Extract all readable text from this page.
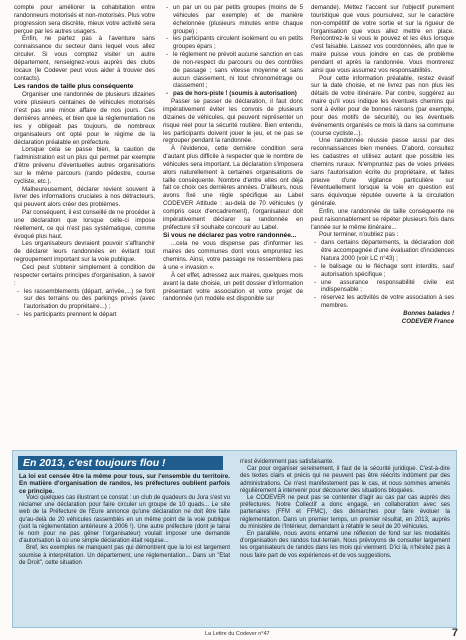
compte pour améliorer la cohabitation entre randonneurs motorisés et non-motorisés. Plus votre progression sera discrète, mieux votre activité sera perçue par les autres usagers.

Enfin, ne partez pas à l'aventure sans connaissance du secteur dans lequel vous allez circuler. Si vous comptez visiter un autre département, renseignez-vous auprès des clubs locaux (le Codever peut vous aider à trouver des contacts).

Les randos de taille plus conséquente

Organiser une randonnée de plusieurs dizaines voire plusieurs centaines de véhicules motorisés n'est pas une mince affaire de nos jours. Ces dernières années, et bien que la réglementation ne les y obligeait pas toujours, de nombreux organisateurs ont opté pour le régime de la déclaration préalable en préfecture.

Lorsque cela se passe bien, la caution de l'administration est un plus qui permet par exemple d'être prévenu d'éventuelles autres organisations sur le même parcours (rando pédestre, course cycliste, etc.).

Malheureusement, déclarer revient souvent à livrer des informations cruciales à nos détracteurs, qui peuvent alors créer des problèmes.

Par conséquent, il est conseillé de ne procéder à une déclaration que lorsque celle-ci impose réellement, ce qui n'est pas systématique, comme évoqué plus haut.

Les organisateurs devraient pouvoir s'affranchir de déclarer leurs randonnées en évitant tout regroupement important sur la voie publique.

Ceci peut s'obtenir simplement à condition de respecter certains principes d'organisation, à savoir :

- les rassemblements (départ, arrivée,...) se font sur des terrains ou des parkings privés (avec l'autorisation du propriétaire...) ;
- les participants prennent le départ
- un par un ou par petits groupes (moins de 5 véhicules par exemple) et de manière échelonnée (plusieurs minutes entre chaque groupe) ;
- les participants circulent isolément ou en petits groupes épars ;
- le règlement ne prévoit aucune sanction en cas de non-respect du parcours ou des contrôles de passage ; sans vitesse moyenne et sans aucun classement, ni tout chronométrage ou classement ;
- pas de hors-piste ! (soumis à autorisation)

Passer se passer de déclaration, il faut donc impérativement éviter les convois de plusieurs dizaines de véhicules, qui peuvent représenter un risque réel pour la sécurité routière. Bien entendu, les participants doivent jouer le jeu, et ne pas se regrouper pendant la randonnée.

À l'évidence, cette dernière condition sera d'autant plus difficile à respecter que le nombre de véhicules sera important. La déclaration s'imposera alors naturellement à certaines organisations de taille conséquente. Nombre d'entre elles ont déjà fait ce choix ces dernières années. D'ailleurs, nous avons fixé une règle spécifique au Label CODEVER Attitude : au-delà de 70 véhicules (y compris ceux d'encadrement), l'organisateur doit impérativement déclarer sa randonnée en préfecture s'il souhaite concourir au Label.

Si vous ne déclarez pas votre randonnée...

...cela ne vous dispense pas d'informer les maires des communes dont vous empruntez les chemins. Ainsi, votre passage ne ressemblera pas à une « invasion ».

À cet effet, adressez aux maires, quelques mois avant la date choisie, un petit dossier d'information présentant votre association et votre projet de randonnée (un modèle est disponible sur

demande). Mettez l'accent sur l'objectif purement touristique que vous poursuivez, sur le caractère non-compétitif de votre sortie et sur la rigueur de l'organisation que vous allez mettre en place. Rencontrez-le si vous le pouvez et les élus lorsque c'est faisable. Laissez vos coordonnées, afin que le maire puisse vous joindre en cas de problème pendant et après la randonnée. Vous montrerez ainsi que vous assumez vos responsabilités.

Pour cette information préalable, restez évasif sur la date choisie, et ne livrez pas non plus les détails de votre itinéraire. Par contre, suggérez au maire qu'il vous indique les éventuels chemins qui sont à éviter pour de bonnes raisons (par exemple, pour des motifs de sécurité), ou les éventuels événements organisés ce mois là dans sa commune (course cycliste...).

Une randonnée réussie passe aussi par des reconnaissances bien menées. D'abord, consultez les cadastres et utilisez autant que possible les chemins ruraux. N'empruntez pas de voies privées sans l'autorisation écrite du propriétaire, et faites preuve d'une vigilance particulière sur l'éventuellement lorsque la voie en question est sans équivoque réputée ouverte à la circulation générale.

Enfin, une randonnée de taille conséquente ne peut raisonnablement se répéter plusieurs fois dans l'année sur le même itinéraire...

Pour terminer, n'oubliez pas :

- dans certains départements, la déclaration doit être accompagnée d'une évaluation d'incidences Natura 2000 (voir LC n°43) ;
- le balisage ou le fléchage sont interdits, sauf autorisation spécifique ;
- une assurance responsabilité civile est indispensable ;
- réservez les activités de votre association à ses membres.

Bonnes balades !

CODEVER France

En 2013, c'est toujours flou !

La loi est censée être la même pour tous, sur l'ensemble du territoire. En matière d'organisation de randos, les préfectures oublient parfois ce principe.

Voici quelques cas illustrant ce constat : un club de quadeurs du Jura s'est vu réclamer une déclaration pour faire circuler un groupe de 10 quads... Le site web de la Préfecture de l'Eure annonce qu'une déclaration ne doit être faite qu'au-delà de 20 véhicules rassemblés en un même point de la voie publique (soit la réglementation antérieure à 2006 !). Une autre préfecture (dont je tairai le nom pour ne pas gêner l'organisateur) voulait imposer une demande d'autorisation là où une simple déclaration était requise...

Bref, les exemples ne manquent pas qui démontrent que la loi est largement soumise à interprétation. Un département, une réglementation... Dans un "Etat de Droit", cette situation

n'est évidemment pas satisfaisante.

Car pour organiser sereinement, il faut de la sécurité juridique. C'est-à-dire des textes clairs et précis qui ne peuvent pas être réécrits indûment par des administrations. Ce n'est manifestement pas le cas, et nous sommes amenés régulièrement à intervenir pour découvrer des situations bloquées.

Le CODEVER ne peut pas se contenter d'agir au cas par cas auprès des préfectures. Notre Collectif a donc engagé, en collaboration avec ses partenaires (FFM et FFMC), des démarches pour faire évoluer la réglementation. Dans un premier temps, un premier résultat, en 2013, auprès du ministère de l'Intérieur, demandant à rétablir le seuil de 20 véhicules.

En parallèle, nous avons entamé une réflexion de fond sur les modalités d'organisation des randos tout-terrain. Nous prévoyons de consulter largement les organisateurs de randos dans les mois qui viennent. D'ici là, n'hésitez pas à nous faire part de vos expériences et de vos suggestions.

La Lettre du Codever n°47	7
